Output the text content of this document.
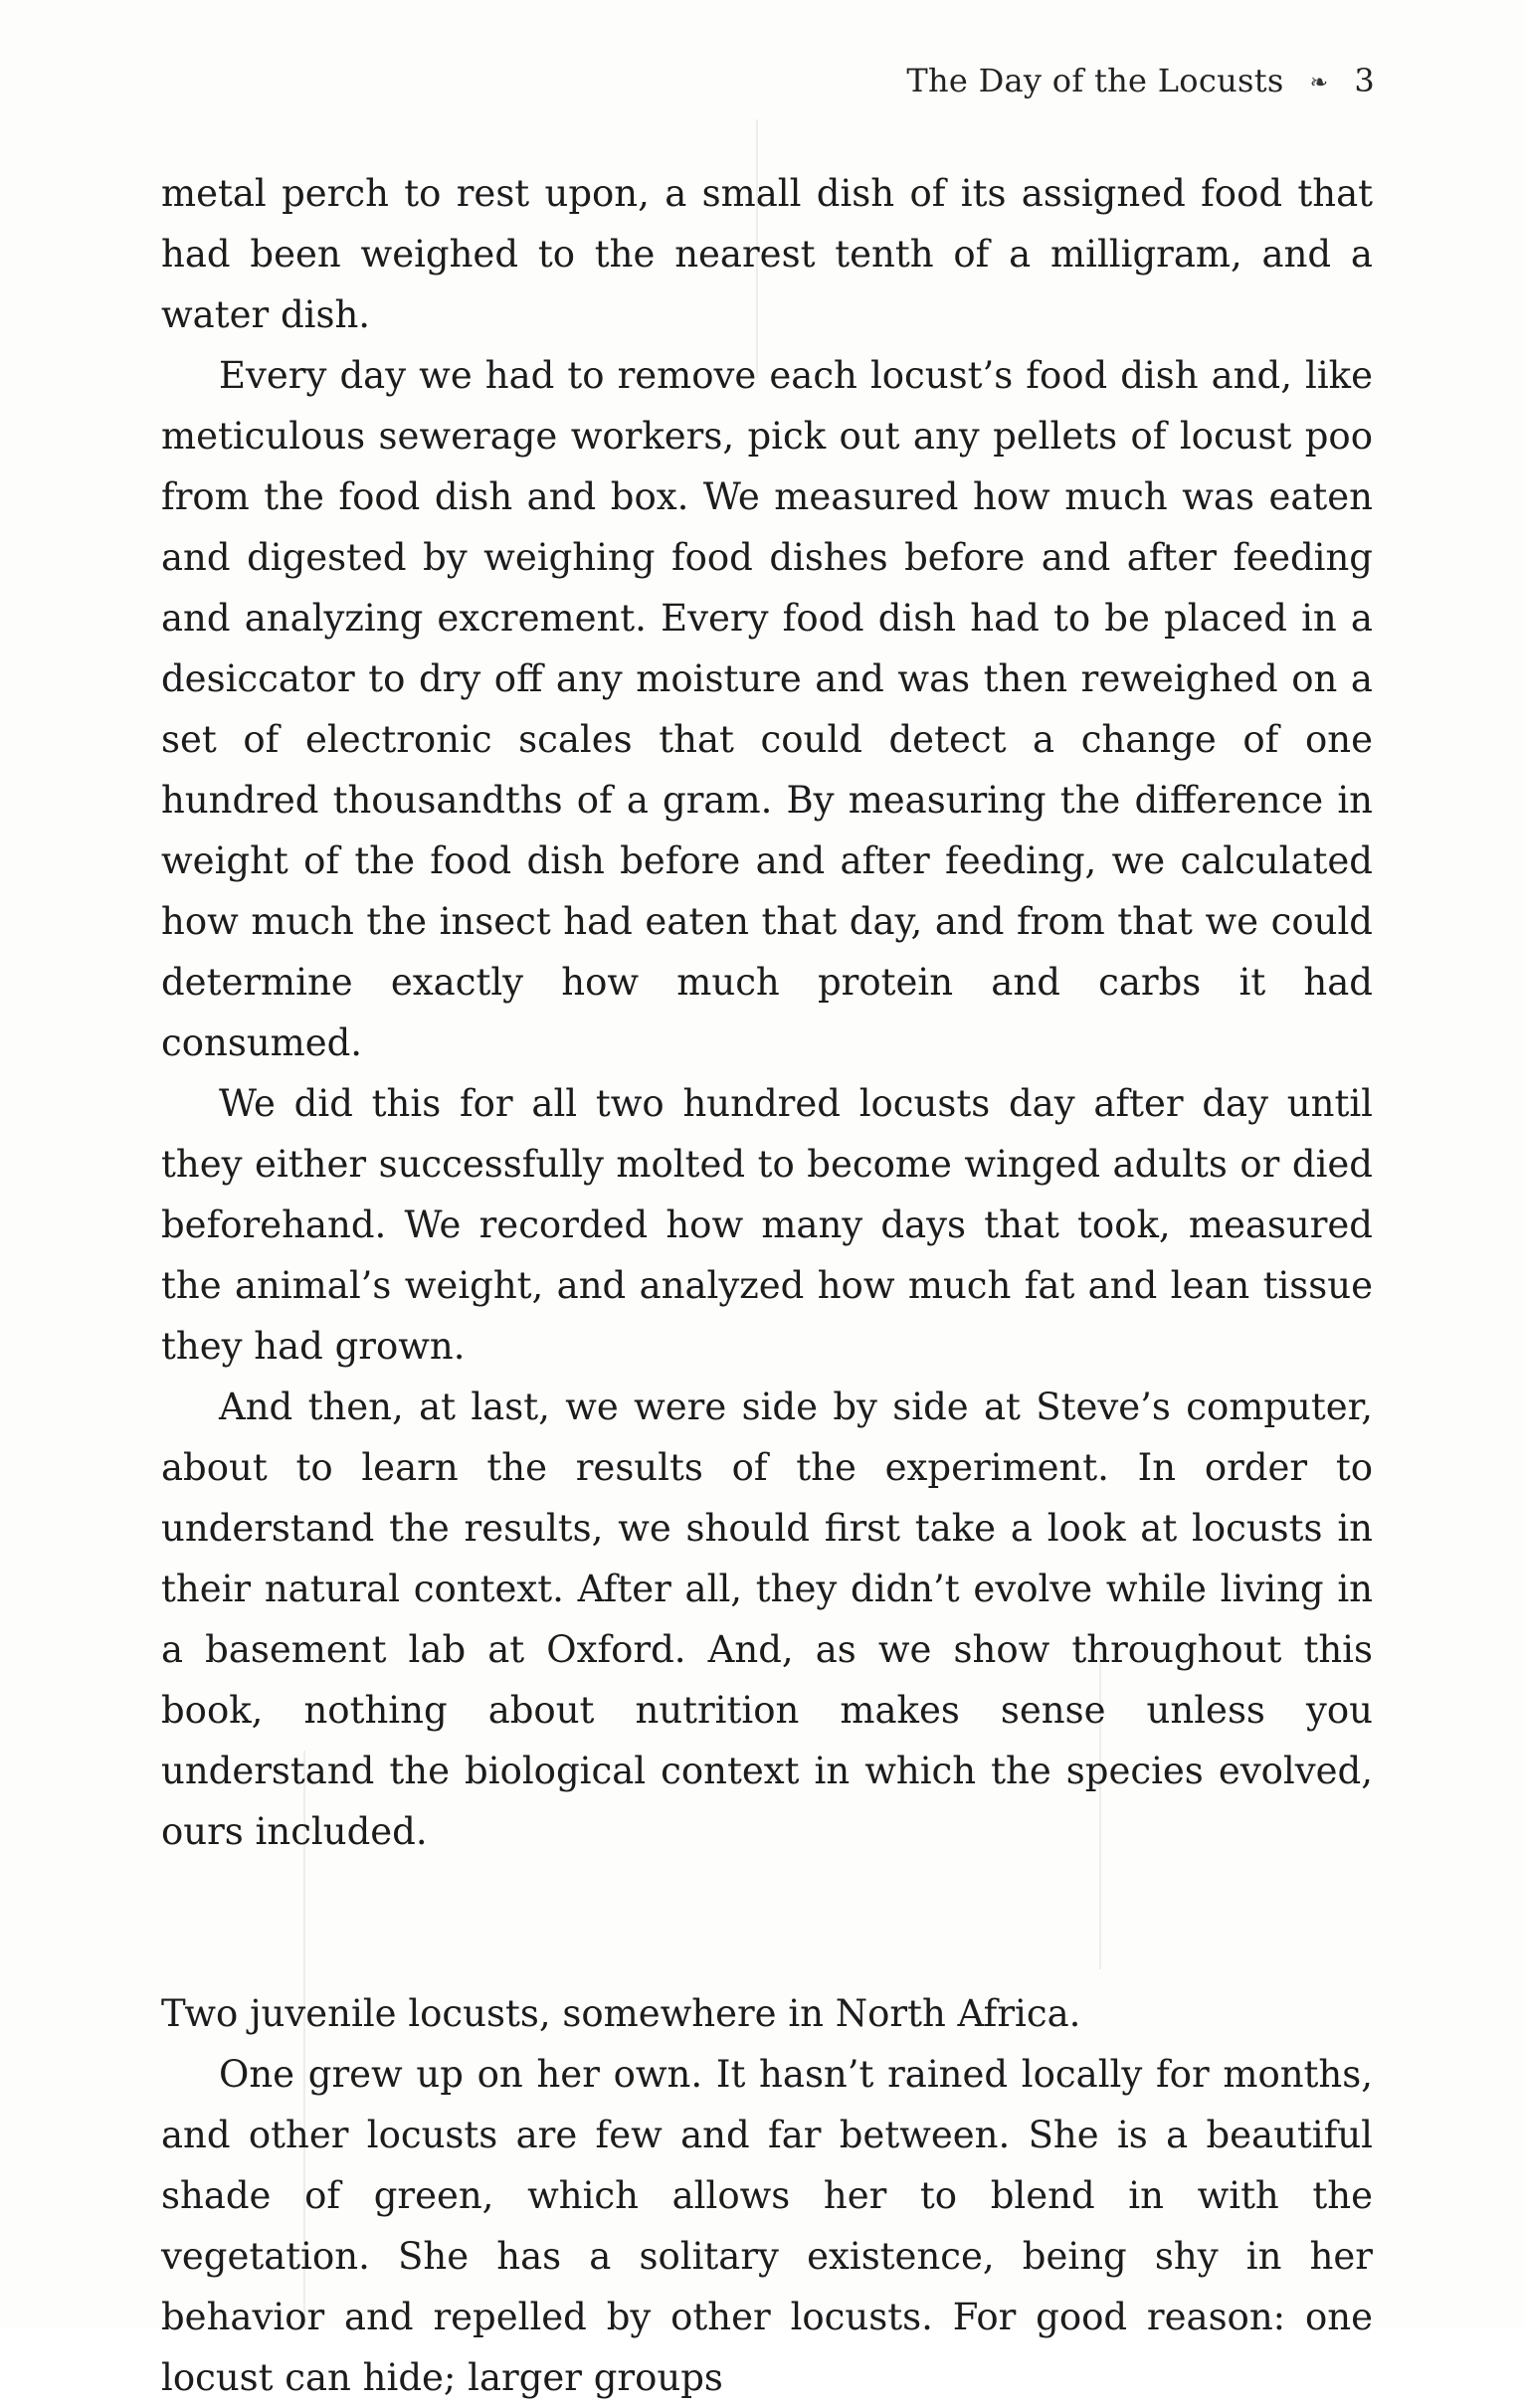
The Day of the Locusts ❧ 3

metal perch to rest upon, a small dish of its assigned food that had been weighed to the nearest tenth of a milligram, and a water dish.

Every day we had to remove each locust’s food dish and, like meticulous sewerage workers, pick out any pellets of locust poo from the food dish and box. We measured how much was eaten and digested by weighing food dishes before and after feeding and analyzing excrement. Every food dish had to be placed in a desiccator to dry off any moisture and was then reweighed on a set of electronic scales that could detect a change of one hundred thousandths of a gram. By measuring the difference in weight of the food dish before and after feeding, we calculated how much the insect had eaten that day, and from that we could determine exactly how much protein and carbs it had consumed.

We did this for all two hundred locusts day after day until they either successfully molted to become winged adults or died beforehand. We recorded how many days that took, measured the animal’s weight, and analyzed how much fat and lean tissue they had grown.

And then, at last, we were side by side at Steve’s computer, about to learn the results of the experiment. In order to understand the results, we should first take a look at locusts in their natural context. After all, they didn’t evolve while living in a basement lab at Oxford. And, as we show throughout this book, nothing about nutrition makes sense unless you understand the biological context in which the species evolved, ours included.

Two juvenile locusts, somewhere in North Africa.

One grew up on her own. It hasn’t rained locally for months, and other locusts are few and far between. She is a beautiful shade of green, which allows her to blend in with the vegetation. She has a solitary existence, being shy in her behavior and repelled by other locusts. For good reason: one locust can hide; larger groups
